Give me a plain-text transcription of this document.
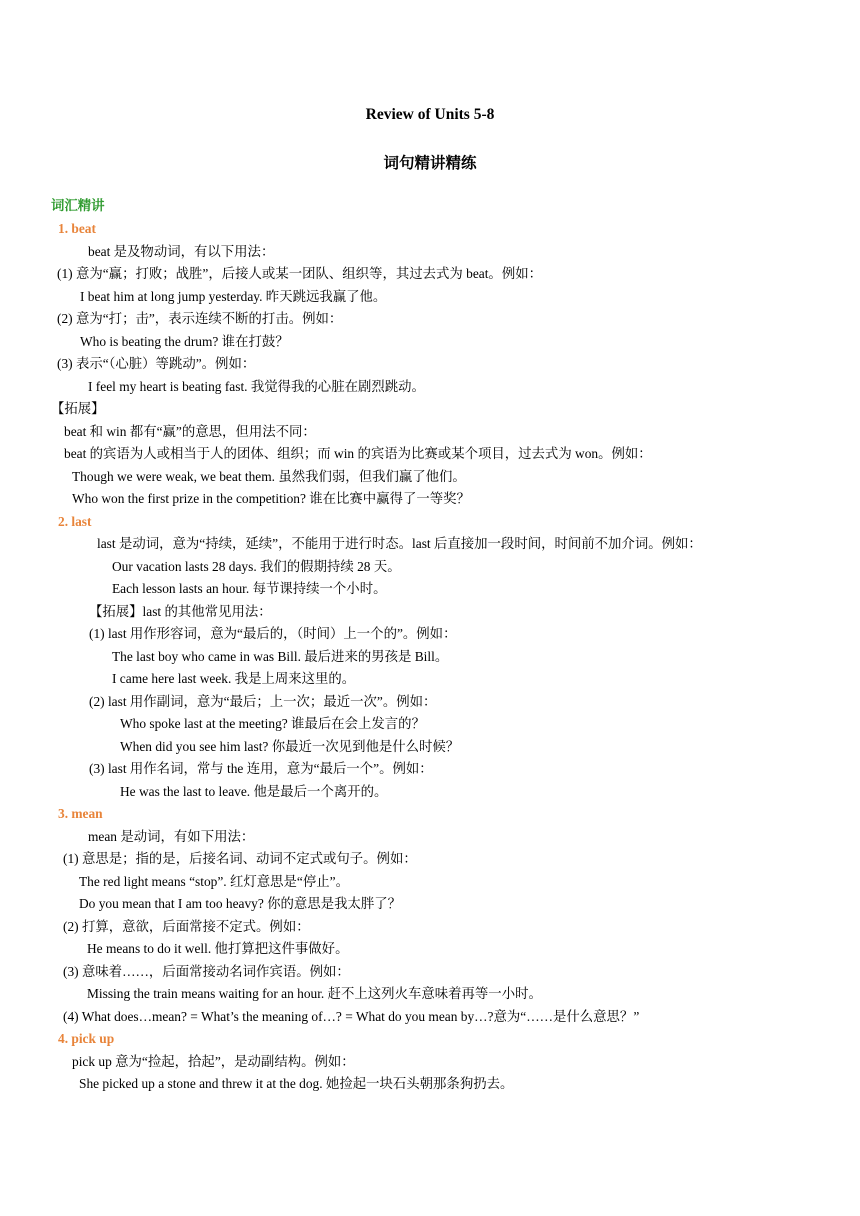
Review of Units 5-8
词句精讲精练
词汇精讲
1. beat
beat 是及物动词，有以下用法：
(1) 意为“赢；打败；战胜”，后接人或某一团队、组织等，其过去式为 beat。例如：
I beat him at long jump yesterday. 昨天跳远我赢了他。
(2) 意为“打；击”，表示连续不断的打击。例如：
Who is beating the drum? 谁在打鼓？
(3) 表示“（心脏）等跳动”。例如：
I feel my heart is beating fast. 我觉得我的心脏在剧烈跳动。
【拓展】
beat 和 win 都有“赢”的意思，但用法不同：
beat 的宾语为人或相当于人的团体、组织；而 win 的宾语为比赛或某个项目，过去式为 won。例如：
Though we were weak, we beat them. 虽然我们弱，但我们赢了他们。
Who won the first prize in the competition? 谁在比赛中赢得了一等奖？
2. last
last 是动词，意为“持续，延续”，不能用于进行时态。last 后直接加一段时间，时间前不加介词。例如：
Our vacation lasts 28 days. 我们的假期持续 28 天。
Each lesson lasts an hour. 每节课持续一个小时。
【拓展】last 的其他常见用法：
(1) last 用作形容词，意为“最后的，（时间）上一个的”。例如：
The last boy who came in was Bill. 最后进来的男孩是 Bill。
I came here last week. 我是上周来这里的。
(2) last 用作副词，意为“最后；上一次；最近一次”。例如：
Who spoke last at the meeting? 谁最后在会上发言的？
When did you see him last? 你最近一次见到他是什么时候？
(3) last 用作名词，常与 the 连用，意为“最后一个”。例如：
He was the last to leave. 他是最后一个离开的。
3. mean
mean 是动词，有如下用法：
(1) 意思是；指的是，后接名词、动词不定式或句子。例如：
The red light means “stop”. 红灯意思是“停止”。
Do you mean that I am too heavy? 你的意思是我太胖了？
(2) 打算，意欲，后面常接不定式。例如：
He means to do it well. 他打算把这件事做好。
(3) 意味着……，后面常接动名词作宾语。例如：
Missing the train means waiting for an hour. 赶不上这列火车意味着再等一小时。
(4) What does…mean? = What’s the meaning of…? = What do you mean by…?意为“……是什么意思？”
4. pick up
pick up 意为“捡起，拾起”，是动副结构。例如：
She picked up a stone and threw it at the dog. 她捡起一块石头朝那条狗扔去。
